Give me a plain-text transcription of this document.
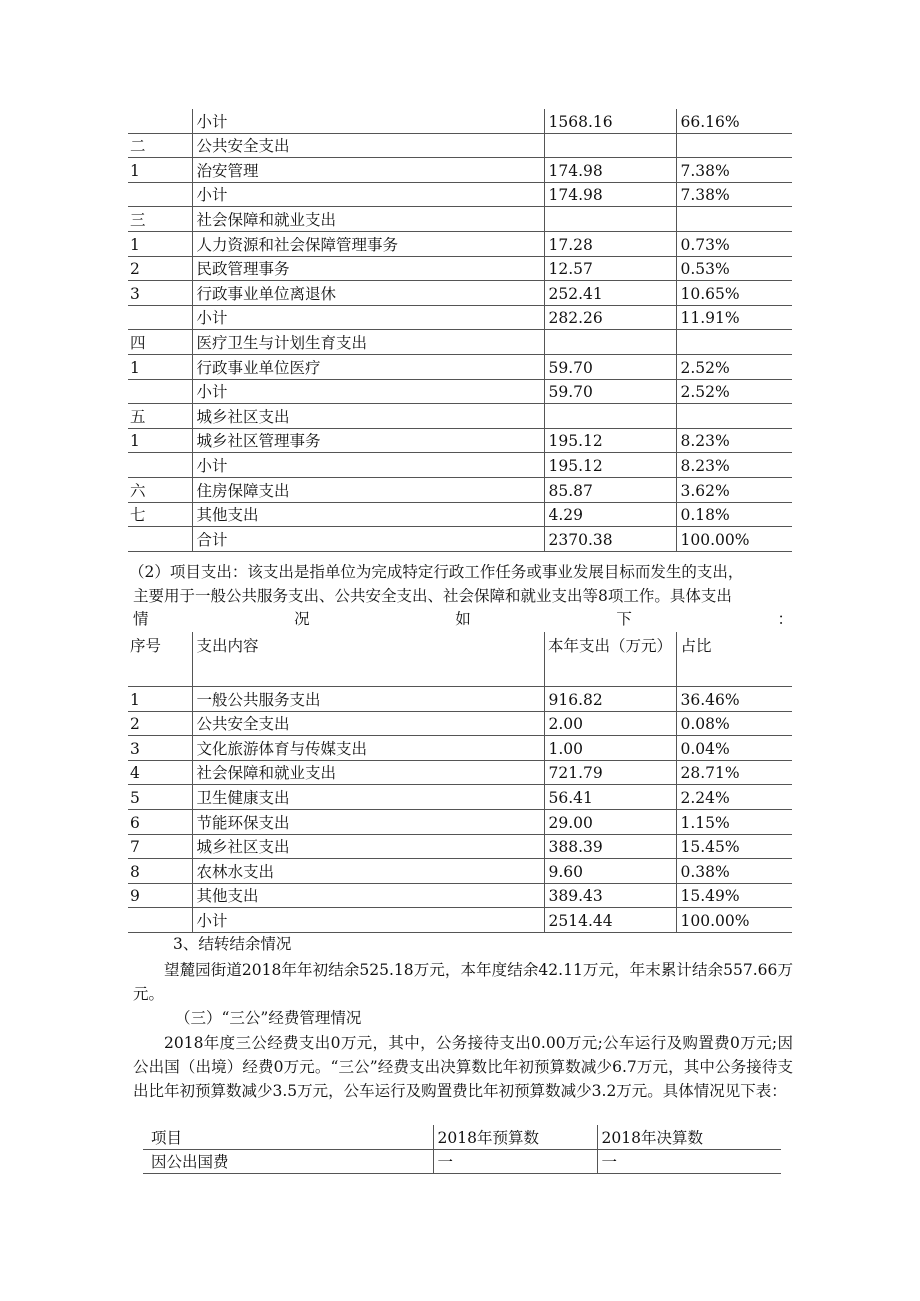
	小计	1568.16	66.16%
二	公共安全支出		
1	治安管理	174.98	7.38%
	小计	174.98	7.38%
三	社会保障和就业支出		
1	人力资源和社会保障管理事务	17.28	0.73%
2	民政管理事务	12.57	0.53%
3	行政事业单位离退休	252.41	10.65%
	小计	282.26	11.91%
四	医疗卫生与计划生育支出		
1	行政事业单位医疗	59.70	2.52%
	小计	59.70	2.52%
五	城乡社区支出		
1	城乡社区管理事务	195.12	8.23%
	小计	195.12	8.23%
六	住房保障支出	85.87	3.62%
七	其他支出	4.29	0.18%
	合计	2370.38	100.00%
（2）项目支出：该支出是指单位为完成特定行政工作任务或事业发展目标而发生的支出，
主要用于一般公共服务支出、公共安全支出、社会保障和就业支出等8项工作。具体支出
情	况	如	下	：
序号	支出内容	本年支出（万元）	占比
1	一般公共服务支出	916.82	36.46%
2	公共安全支出	2.00	0.08%
3	文化旅游体育与传媒支出	1.00	0.04%
4	社会保障和就业支出	721.79	28.71%
5	卫生健康支出	56.41	2.24%
6	节能环保支出	29.00	1.15%
7	城乡社区支出	388.39	15.45%
8	农林水支出	9.60	0.38%
9	其他支出	389.43	15.49%
	小计	2514.44	100.00%
3、结转结余情况
望麓园街道2018年年初结余525.18万元，本年度结余42.11万元，年末累计结余557.66万元。
（三）“三公”经费管理情况
2018年度三公经费支出0万元，其中，公务接待支出0.00万元;公车运行及购置费0万元;因公出国（出境）经费0万元。“三公”经费支出决算数比年初预算数减少6.7万元，其中公务接待支出比年初预算数减少3.5万元，公车运行及购置费比年初预算数减少3.2万元。具体情况见下表：
项目	2018年预算数	2018年决算数
因公出国费	一	一
